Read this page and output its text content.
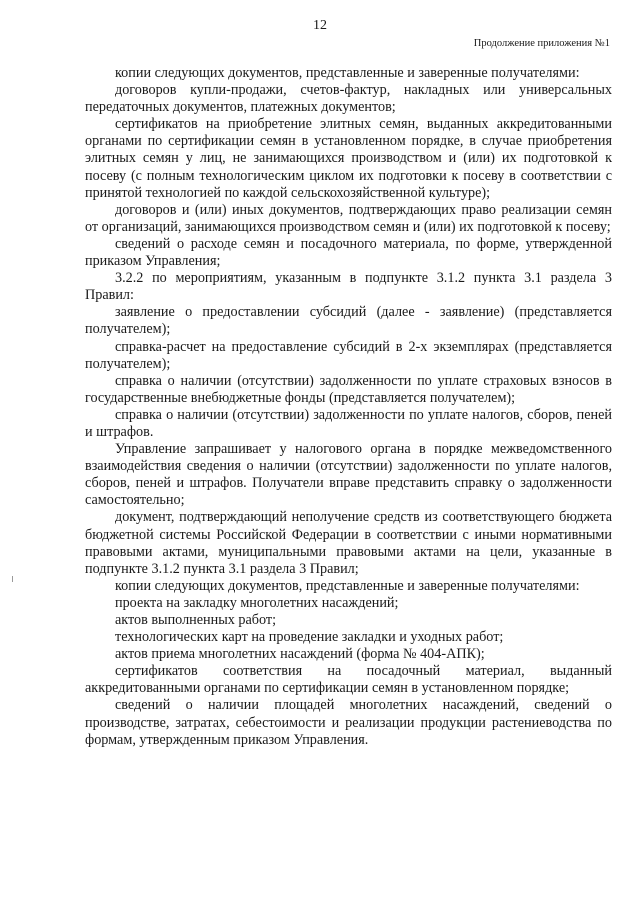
12
Продолжение приложения №1

копии следующих документов, представленные и заверенные получателями:

договоров купли-продажи, счетов-фактур, накладных или универсальных передаточных документов, платежных документов;

сертификатов на приобретение элитных семян, выданных аккредитованными органами по сертификации семян в установленном порядке, в случае приобретения элитных семян у лиц, не занимающихся производством и (или) их подготовкой к посеву (с полным технологическим циклом их подготовки к посеву в соответствии с принятой технологией по каждой сельскохозяйственной культуре);

договоров и (или) иных документов, подтверждающих право реализации семян от организаций, занимающихся производством семян и (или) их подготовкой к посеву;

сведений о расходе семян и посадочного материала, по форме, утвержденной приказом Управления;

3.2.2 по мероприятиям, указанным в подпункте 3.1.2 пункта 3.1 раздела 3 Правил:

заявление о предоставлении субсидий (далее - заявление) (представляется получателем);

справка-расчет на предоставление субсидий в 2-х экземплярах (представляется получателем);

справка о наличии (отсутствии) задолженности по уплате страховых взносов в государственные внебюджетные фонды (представляется получателем);

справка о наличии (отсутствии) задолженности по уплате налогов, сборов, пеней и штрафов.

Управление запрашивает у налогового органа в порядке межведомственного взаимодействия сведения о наличии (отсутствии) задолженности по уплате налогов, сборов, пеней и штрафов. Получатели вправе представить справку о задолженности самостоятельно;

документ, подтверждающий неполучение средств из соответствующего бюджета бюджетной системы Российской Федерации в соответствии с иными нормативными правовыми актами, муниципальными правовыми актами на цели, указанные в подпункте 3.1.2 пункта 3.1 раздела 3 Правил;

копии следующих документов, представленные и заверенные получателями:

проекта на закладку многолетних насаждений;

актов выполненных работ;

технологических карт на проведение закладки и уходных работ;

актов приема многолетних насаждений (форма № 404-АПК);

сертификатов соответствия на посадочный материал, выданный аккредитованными органами по сертификации семян в установленном порядке;

сведений о наличии площадей многолетних насаждений, сведений о производстве, затратах, себестоимости и реализации продукции растениеводства по формам, утвержденным приказом Управления.
